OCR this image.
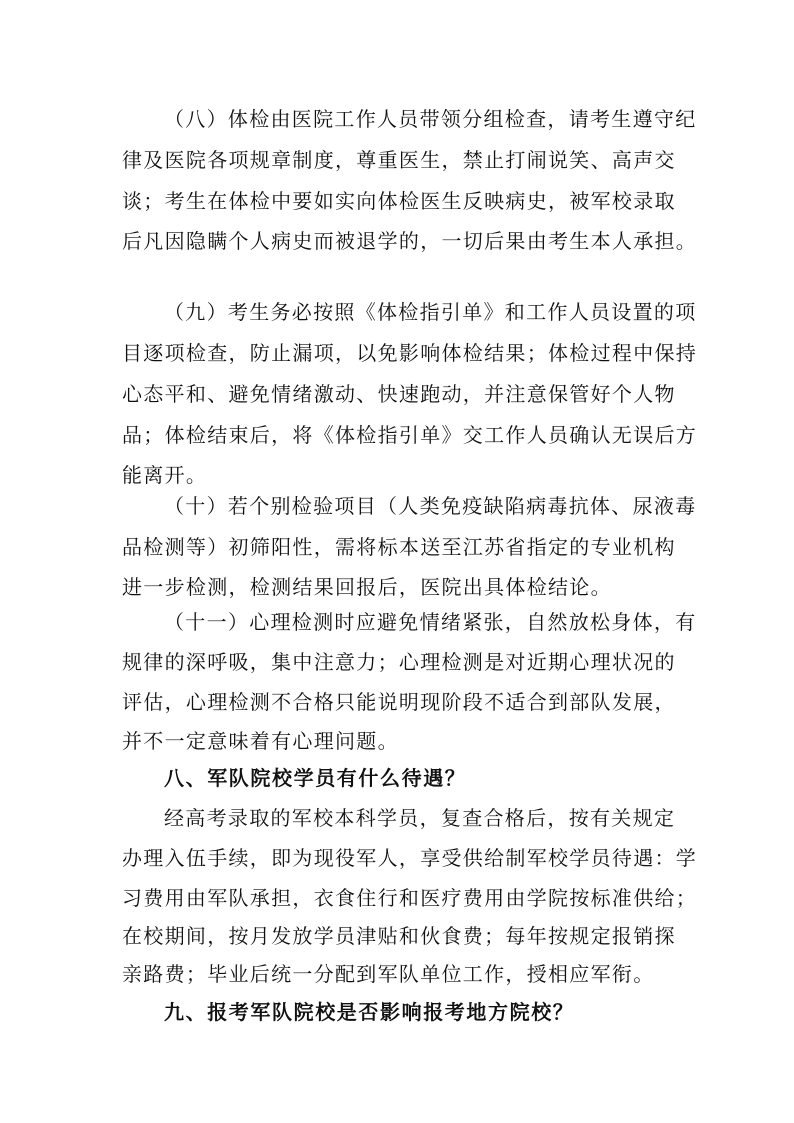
（八）体检由医院工作人员带领分组检查，请考生遵守纪
律及医院各项规章制度，尊重医生，禁止打闹说笑、高声交
谈；考生在体检中要如实向体检医生反映病史，被军校录取
后凡因隐瞒个人病史而被退学的，一切后果由考生本人承担。
（九）考生务必按照《体检指引单》和工作人员设置的项
目逐项检查，防止漏项，以免影响体检结果；体检过程中保持
心态平和、避免情绪激动、快速跑动，并注意保管好个人物
品；体检结束后，将《体检指引单》交工作人员确认无误后方
能离开。
（十）若个别检验项目（人类免疫缺陷病毒抗体、尿液毒
品检测等）初筛阳性，需将标本送至江苏省指定的专业机构
进一步检测，检测结果回报后，医院出具体检结论。
（十一）心理检测时应避免情绪紧张，自然放松身体，有
规律的深呼吸，集中注意力；心理检测是对近期心理状况的
评估，心理检测不合格只能说明现阶段不适合到部队发展，
并不一定意味着有心理问题。
八、军队院校学员有什么待遇？
经高考录取的军校本科学员，复查合格后，按有关规定
办理入伍手续，即为现役军人，享受供给制军校学员待遇：学
习费用由军队承担，衣食住行和医疗费用由学院按标准供给；
在校期间，按月发放学员津贴和伙食费；每年按规定报销探
亲路费；毕业后统一分配到军队单位工作，授相应军衔。
九、报考军队院校是否影响报考地方院校？
